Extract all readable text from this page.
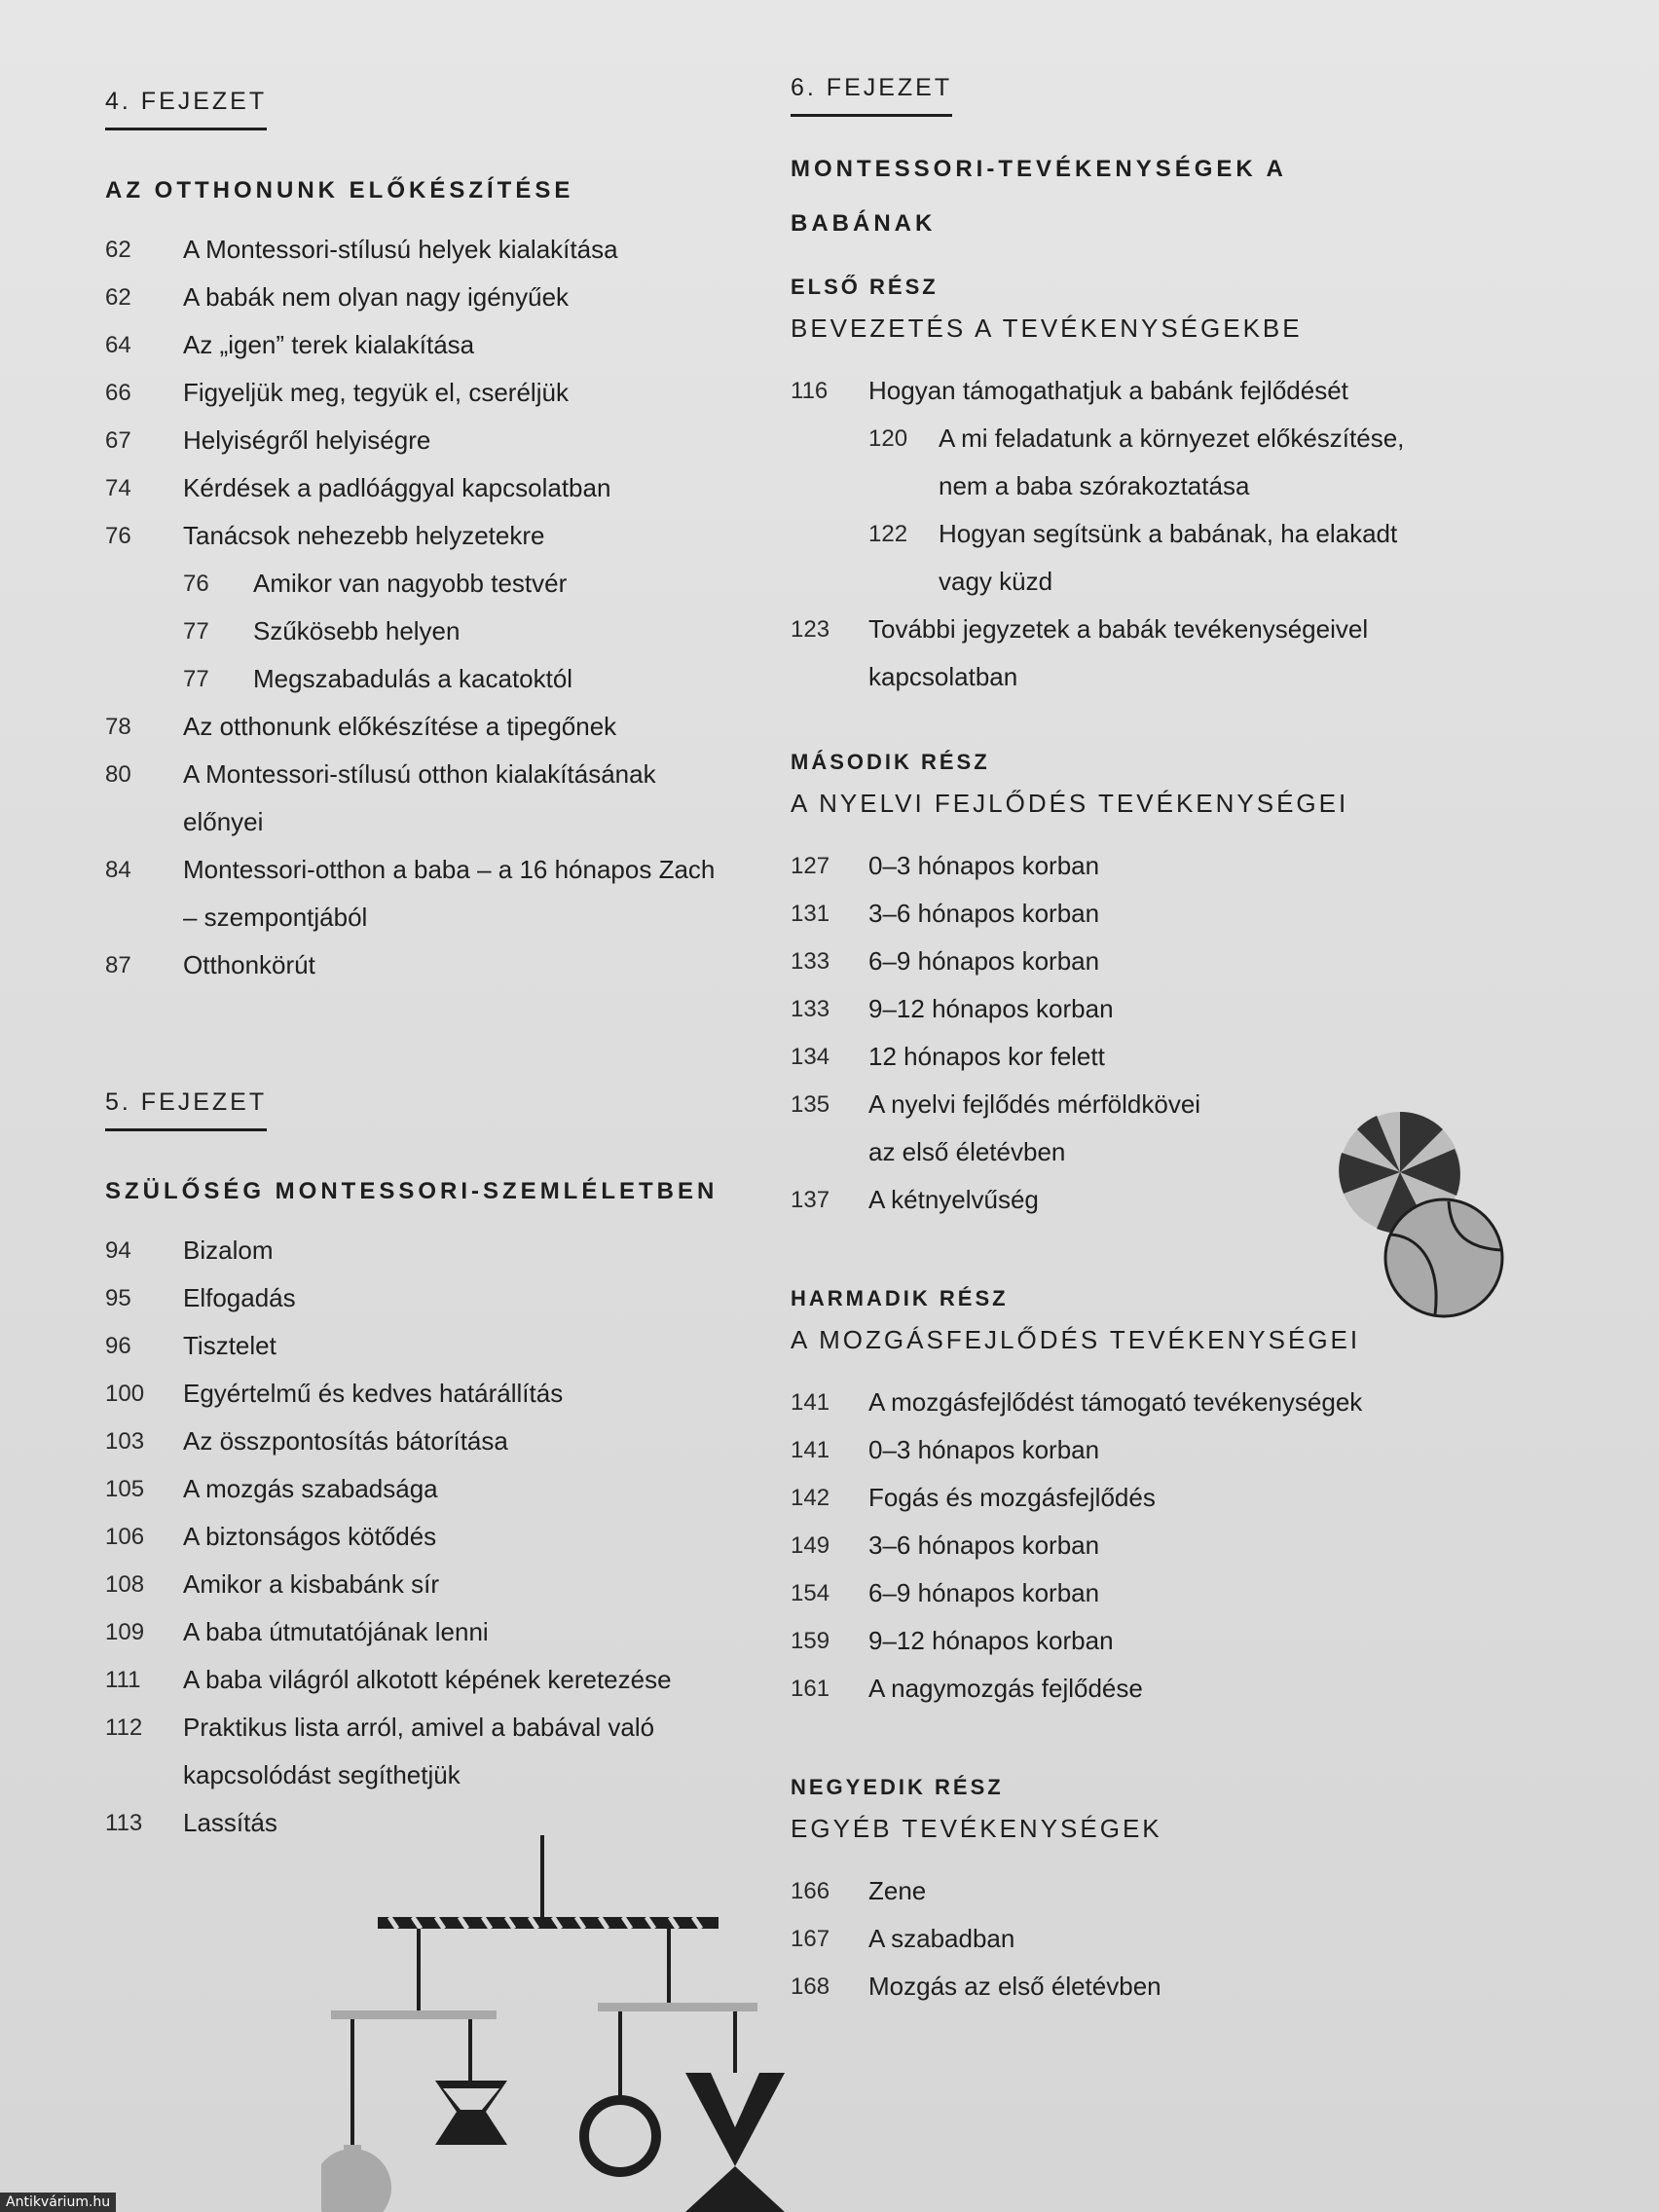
4. FEJEZET
AZ OTTHONUNK ELŐKÉSZÍTÉSE
62	A Montessori-stílusú helyek kialakítása
62	A babák nem olyan nagy igényűek
64	Az „igen” terek kialakítása
66	Figyeljük meg, tegyük el, cseréljük
67	Helyiségről helyiségre
74	Kérdések a padlóággyal kapcsolatban
76	Tanácsok nehezebb helyzetekre
76	Amikor van nagyobb testvér
77	Szűkösebb helyen
77	Megszabadulás a kacatoktól
78	Az otthonunk előkészítése a tipegőnek
80	A Montessori-stílusú otthon kialakításának
előnyei
84	Montessori-otthon a baba – a 16 hónapos Zach
– szempontjából
87	Otthonkörút
5. FEJEZET
SZÜLŐSÉG MONTESSORI-SZEMLÉLETBEN
94	Bizalom
95	Elfogadás
96	Tisztelet
100	Egyértelmű és kedves határállítás
103	Az összpontosítás bátorítása
105	A mozgás szabadsága
106	A biztonságos kötődés
108	Amikor a kisbabánk sír
109	A baba útmutatójának lenni
111	A baba világról alkotott képének keretezése
112	Praktikus lista arról, amivel a babával való
kapcsolódást segíthetjük
113	Lassítás
6. FEJEZET
MONTESSORI-TEVÉKENYSÉGEK A
BABÁNAK
ELSŐ RÉSZ
BEVEZETÉS A TEVÉKENYSÉGEKBE
116	Hogyan támogathatjuk a babánk fejlődését
120	A mi feladatunk a környezet előkészítése,
nem a baba szórakoztatása
122	Hogyan segítsünk a babának, ha elakadt
vagy küzd
123	További jegyzetek a babák tevékenységeivel
kapcsolatban
MÁSODIK RÉSZ
A NYELVI FEJLŐDÉS TEVÉKENYSÉGEI
127	0–3 hónapos korban
131	3–6 hónapos korban
133	6–9 hónapos korban
133	9–12 hónapos korban
134	12 hónapos kor felett
135	A nyelvi fejlődés mérföldkövei
az első életévben
137	A kétnyelvűség
HARMADIK RÉSZ
A MOZGÁSFEJLŐDÉS TEVÉKENYSÉGEI
141	A mozgásfejlődést támogató tevékenységek
141	0–3 hónapos korban
142	Fogás és mozgásfejlődés
149	3–6 hónapos korban
154	6–9 hónapos korban
159	9–12 hónapos korban
161	A nagymozgás fejlődése
NEGYEDIK RÉSZ
EGYÉB TEVÉKENYSÉGEK
166	Zene
167	A szabadban
168	Mozgás az első életévben
Antikvárium.hu
